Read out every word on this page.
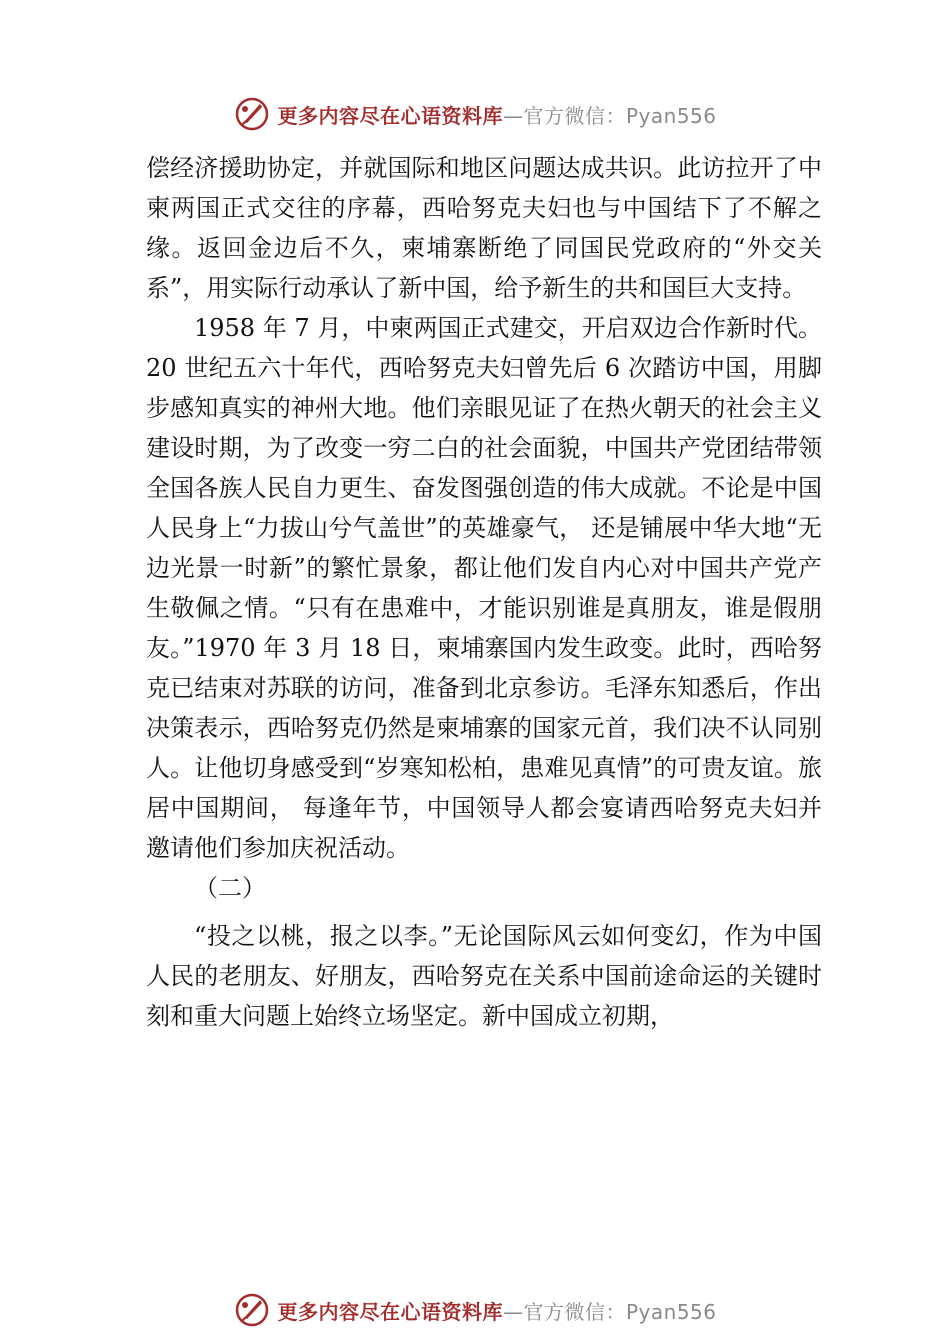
更多内容尽在心语资料库—官方微信：Pyan556

偿经济援助协定，并就国际和地区问题达成共识。此访拉开了中柬两国正式交往的序幕，西哈努克夫妇也与中国结下了不解之缘。返回金边后不久，柬埔寨断绝了同国民党政府的“外交关系”，用实际行动承认了新中国，给予新生的共和国巨大支持。

1958 年 7 月，中柬两国正式建交，开启双边合作新时代。20 世纪五六十年代，西哈努克夫妇曾先后 6 次踏访中国，用脚步感知真实的神州大地。他们亲眼见证了在热火朝天的社会主义建设时期，为了改变一穷二白的社会面貌，中国共产党团结带领全国各族人民自力更生、奋发图强创造的伟大成就。不论是中国人民身上“力拔山兮气盖世”的英雄豪气， 还是铺展中华大地“无边光景一时新”的繁忙景象，都让他们发自内心对中国共产党产生敬佩之情。“只有在患难中，才能识别谁是真朋友，谁是假朋友。”1970 年 3 月 18 日，柬埔寨国内发生政变。此时，西哈努克已结束对苏联的访问，准备到北京参访。毛泽东知悉后，作出决策表示，西哈努克仍然是柬埔寨的国家元首，我们决不认同别人。让他切身感受到“岁寒知松柏，患难见真情”的可贵友谊。旅居中国期间， 每逢年节，中国领导人都会宴请西哈努克夫妇并邀请他们参加庆祝活动。

（二）

“投之以桃，报之以李。”无论国际风云如何变幻，作为中国人民的老朋友、好朋友，西哈努克在关系中国前途命运的关键时刻和重大问题上始终立场坚定。新中国成立初期，

更多内容尽在心语资料库—官方微信：Pyan556
